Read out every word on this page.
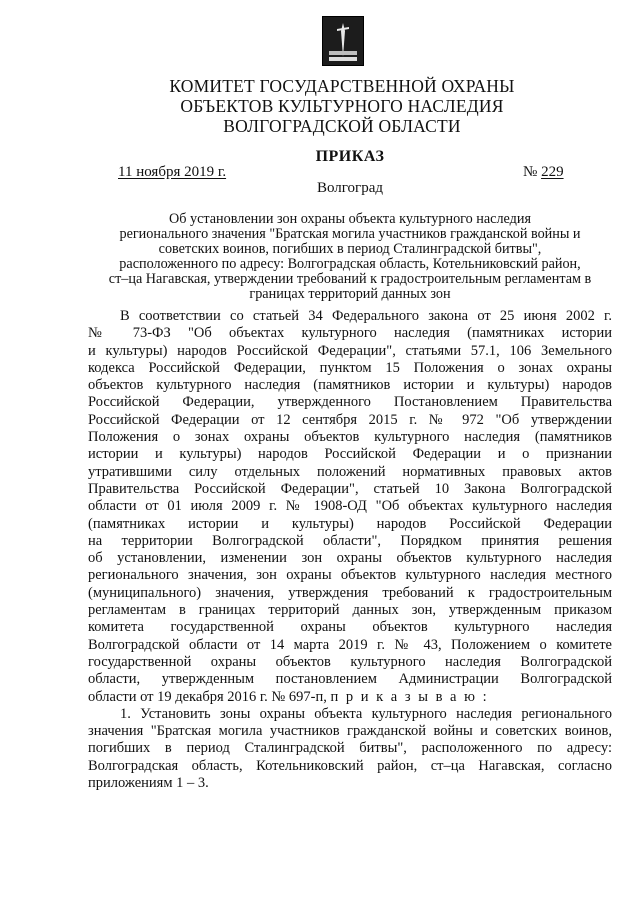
КОМИТЕТ ГОСУДАРСТВЕННОЙ ОХРАНЫ
ОБЪЕКТОВ КУЛЬТУРНОГО НАСЛЕДИЯ
ВОЛГОГРАДСКОЙ ОБЛАСТИ
ПРИКАЗ
11 ноября 2019 г.	№ 229
Волгоград
Об установлении зон охраны объекта культурного наследия
регионального значения "Братская могила участников гражданской войны и
советских воинов, погибших в период Сталинградской битвы",
расположенного по адресу: Волгоградская область, Котельниковский район,
ст–ца Нагавская, утверждении требований к градостроительным регламентам в
границах территорий данных зон
В соответствии со статьей 34 Федерального закона от 25 июня 2002 г.
№ 73-ФЗ "Об объектах культурного наследия (памятниках истории
и культуры) народов Российской Федерации", статьями 57.1, 106 Земельного
кодекса Российской Федерации, пунктом 15 Положения о зонах охраны
объектов культурного наследия (памятников истории и культуры) народов
Российской Федерации, утвержденного Постановлением Правительства
Российской Федерации от 12 сентября 2015 г. № 972 "Об утверждении
Положения о зонах охраны объектов культурного наследия (памятников
истории и культуры) народов Российской Федерации и о признании
утратившими силу отдельных положений нормативных правовых актов
Правительства Российской Федерации", статьей 10 Закона Волгоградской
области от 01 июля 2009 г. № 1908-ОД "Об объектах культурного наследия
(памятниках истории и культуры) народов Российской Федерации
на территории Волгоградской области", Порядком принятия решения
об установлении, изменении зон охраны объектов культурного наследия
регионального значения, зон охраны объектов культурного наследия местного
(муниципального) значения, утверждения требований к градостроительным
регламентам в границах территорий данных зон, утвержденным приказом
комитета государственной охраны объектов культурного наследия
Волгоградской области от 14 марта 2019 г. № 43, Положением о комитете
государственной охраны объектов культурного наследия Волгоградской
области, утвержденным постановлением Администрации Волгоградской
области от 19 декабря 2016 г. № 697-п, п р и к а з ы в а ю :
1. Установить зоны охраны объекта культурного наследия регионального
значения "Братская могила участников гражданской войны и советских воинов,
погибших в период Сталинградской битвы", расположенного по адресу:
Волгоградская область, Котельниковский район, ст–ца Нагавская, согласно
приложениям 1 – 3.
